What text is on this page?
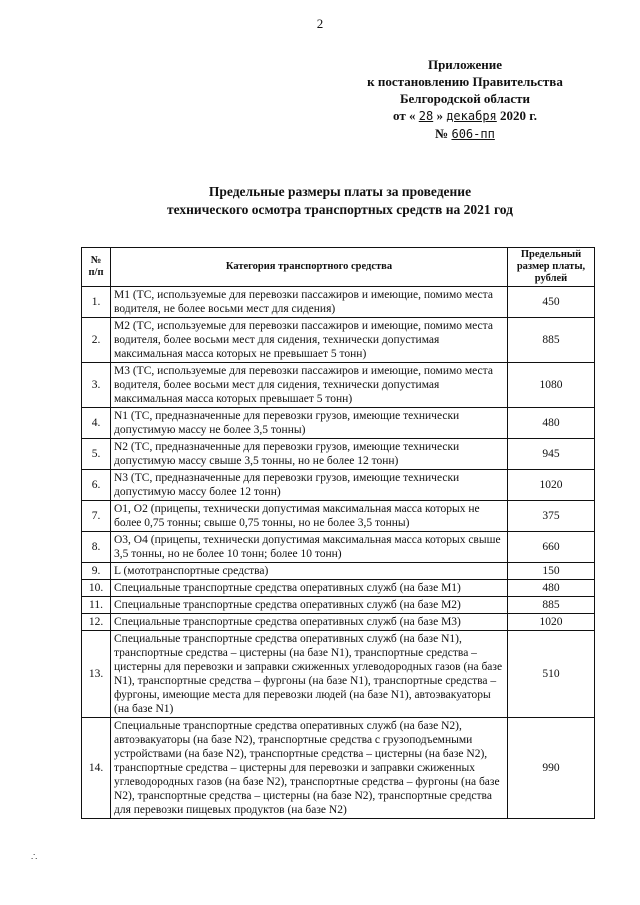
2
Приложение
к постановлению Правительства
Белгородской области
от « 28 » декабря 2020 г.
№ 606-пп
Предельные размеры платы за проведение
технического осмотра транспортных средств на 2021 год
№ п/п	Категория транспортного средства	Предельный размер платы, рублей
1.	M1 (ТС, используемые для перевозки пассажиров и имеющие, помимо места водителя, не более восьми мест для сидения)	450
2.	M2 (ТС, используемые для перевозки пассажиров и имеющие, помимо места водителя, более восьми мест для сидения, технически допустимая максимальная масса которых не превышает 5 тонн)	885
3.	M3 (ТС, используемые для перевозки пассажиров и имеющие, помимо места водителя, более восьми мест для сидения, технически допустимая максимальная масса которых превышает 5 тонн)	1080
4.	N1 (ТС, предназначенные для перевозки грузов, имеющие технически допустимую массу не более 3,5 тонны)	480
5.	N2 (ТС, предназначенные для перевозки грузов, имеющие технически допустимую массу свыше 3,5 тонны, но не более 12 тонн)	945
6.	N3 (ТС, предназначенные для перевозки грузов, имеющие технически допустимую массу более 12 тонн)	1020
7.	O1, O2 (прицепы, технически допустимая максимальная масса которых не более 0,75 тонны; свыше 0,75 тонны, но не более 3,5 тонны)	375
8.	O3, O4 (прицепы, технически допустимая максимальная масса которых свыше 3,5 тонны, но не более 10 тонн; более 10 тонн)	660
9.	L (мототранспортные средства)	150
10.	Специальные транспортные средства оперативных служб (на базе M1)	480
11.	Специальные транспортные средства оперативных служб (на базе M2)	885
12.	Специальные транспортные средства оперативных служб (на базе M3)	1020
13.	Специальные транспортные средства оперативных служб (на базе N1), транспортные средства – цистерны (на базе N1), транспортные средства – цистерны для перевозки и заправки сжиженных углеводородных газов (на базе N1), транспортные средства – фургоны (на базе N1), транспортные средства – фургоны, имеющие места для перевозки людей (на базе N1), автоэвакуаторы (на базе N1)	510
14.	Специальные транспортные средства оперативных служб (на базе N2), автоэвакуаторы (на базе N2), транспортные средства с грузоподъемными устройствами (на базе N2), транспортные средства – цистерны (на базе N2), транспортные средства – цистерны для перевозки и заправки сжиженных углеводородных газов (на базе N2), транспортные средства – фургоны (на базе N2), транспортные средства – цистерны (на базе N2), транспортные средства для перевозки пищевых продуктов (на базе N2)	990
∴
